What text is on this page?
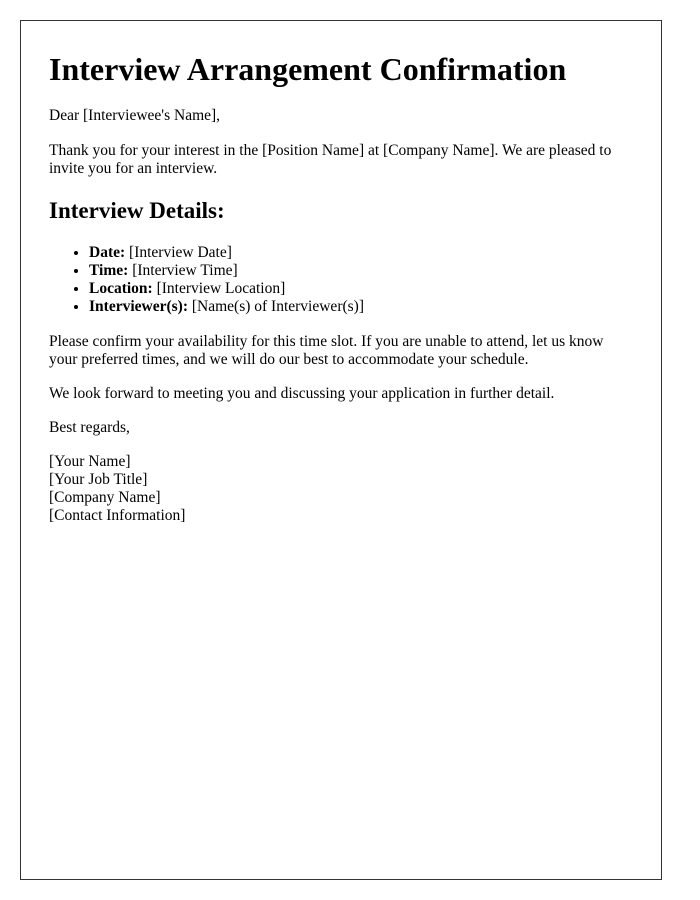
Interview Arrangement Confirmation

Dear [Interviewee's Name],

Thank you for your interest in the [Position Name] at [Company Name]. We are pleased to invite you for an interview.

Interview Details:
• Date: [Interview Date]
• Time: [Interview Time]
• Location: [Interview Location]
• Interviewer(s): [Name(s) of Interviewer(s)]

Please confirm your availability for this time slot. If you are unable to attend, let us know your preferred times, and we will do our best to accommodate your schedule.

We look forward to meeting you and discussing your application in further detail.

Best regards,

[Your Name]
[Your Job Title]
[Company Name]
[Contact Information]
